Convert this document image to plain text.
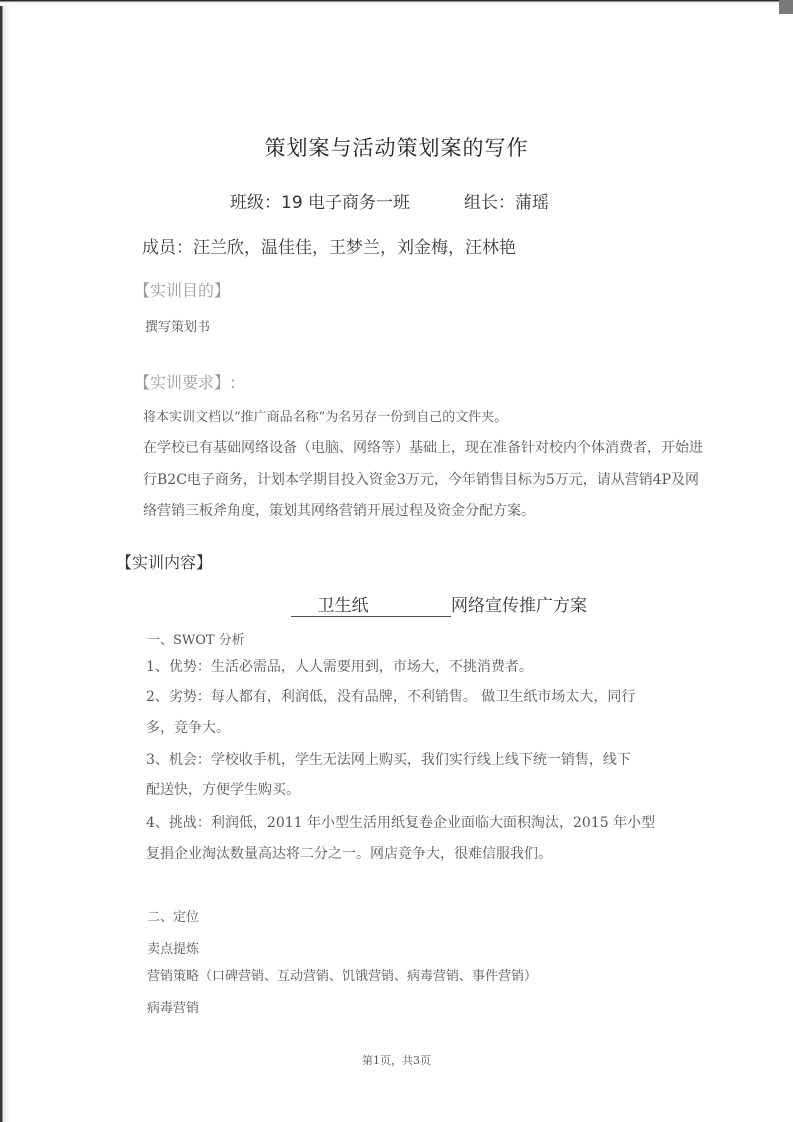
策划案与活动策划案的写作
班级：19 电子商务一班	组长：蒲瑶
成员：汪兰欣，温佳佳，王梦兰，刘金梅，汪林艳
【实训目的】
撰写策划书
【实训要求】:
将本实训文档以“推广商品名称”为名另存一份到自己的文件夹。
在学校已有基础网络设备（电脑、网络等）基础上，现在准备针对校内个体消费者，开始进
行B2C电子商务，计划本学期目投入资金3万元，今年销售目标为5万元，请从营销4P及网
络营销三板斧角度，策划其网络营销开展过程及资金分配方案。
【实训内容】
卫生纸	网络宣传推广方案
一、SWOT 分析
1、优势：生活必需品，人人需要用到，市场大，不挑消费者。
2、劣势：每人都有，利润低，没有品牌，不利销售。 做卫生纸市场太大，同行
多，竞争大。
3、机会：学校收手机，学生无法网上购买，我们实行线上线下统一销售，线下
配送快，方便学生购买。
4、挑战：利润低，2011 年小型生活用纸复卷企业面临大面积淘汰，2015 年小型
复捐企业淘汰数量高达将二分之一。网店竞争大，很难信服我们。
二、定位
卖点提炼
营销策略（口碑营销、互动营销、饥饿营销、病毒营销、事件营销）
病毒营销
第1页，共3页
